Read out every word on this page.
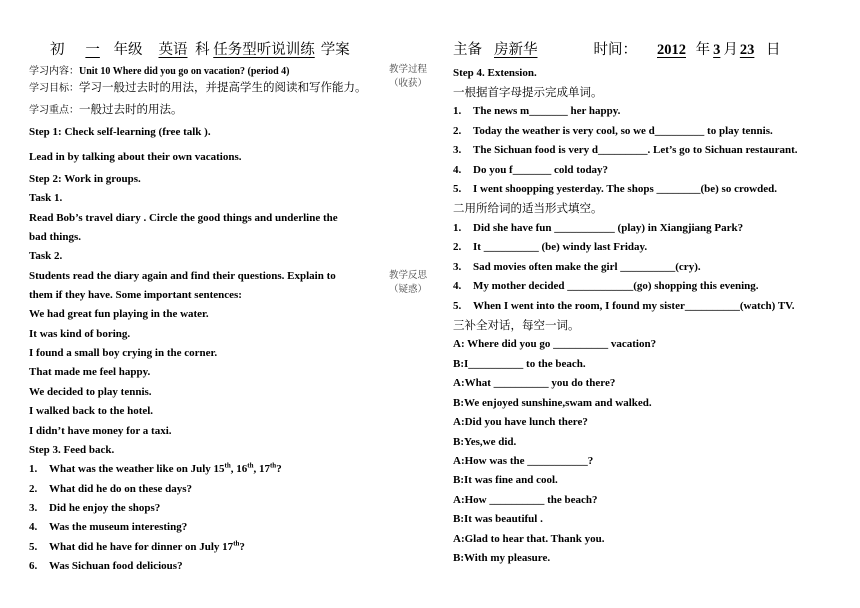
初 一 年级 英语 科 任务型听说训练 学案	主备 房新华	时间： 2012 年 3 月 23 日
学习内容：Unit 10 Where did you go on vacation? (period 4)
学习目标：学习一般过去时的用法，并提高学生的阅读和写作能力。
学习重点：一般过去时的用法。
Step 1: Check self-learning (free talk ).
Lead in by talking about their own vacations.
Step 2: Work in groups.
Task 1.
Read Bob’s travel diary . Circle the good things and underline the
bad things.
Task 2.
Students read the diary again and find their questions. Explain to
them if they have. Some important sentences:
We had great fun playing in the water.
It was kind of boring.
I found a small boy crying in the corner.
That made me feel happy.
We decided to play tennis.
I walked back to the hotel.
I didn’t have money for a taxi.
Step 3. Feed back.
1. What was the weather like on July 15th, 16th, 17th?
2. What did he do on these days?
3. Did he enjoy the shops?
4. Was the museum interesting?
5. What did he have for dinner on July 17th?
6. Was Sichuan food delicious?
教学过程（收获）
教学反思（疑惑）
Step 4. Extension.
一根据首字母提示完成单词。
1. The news m_______ her happy.
2. Today the weather is very cool, so we d_________ to play tennis.
3. The Sichuan food is very d_________. Let’s go to Sichuan restaurant.
4. Do you f_______ cold today?
5. I went shoopping yesterday. The shops ________(be) so crowded.
二用所给词的适当形式填空。
1. Did she have fun ___________ (play) in Xiangjiang Park?
2. It __________ (be) windy last Friday.
3. Sad movies often make the girl __________(cry).
4. My mother decided ____________(go) shopping this evening.
5. When I went into the room, I found my sister__________(watch) TV.
三补全对话，每空一词。
A: Where did you go __________ vacation?
B:I__________ to the beach.
A:What __________ you do there?
B:We enjoyed sunshine,swam and walked.
A:Did you have lunch there?
B:Yes,we did.
A:How was the ___________?
B:It was fine and cool.
A:How __________ the beach?
B:It was beautiful .
A:Glad to hear that. Thank you.
B:With my pleasure.
